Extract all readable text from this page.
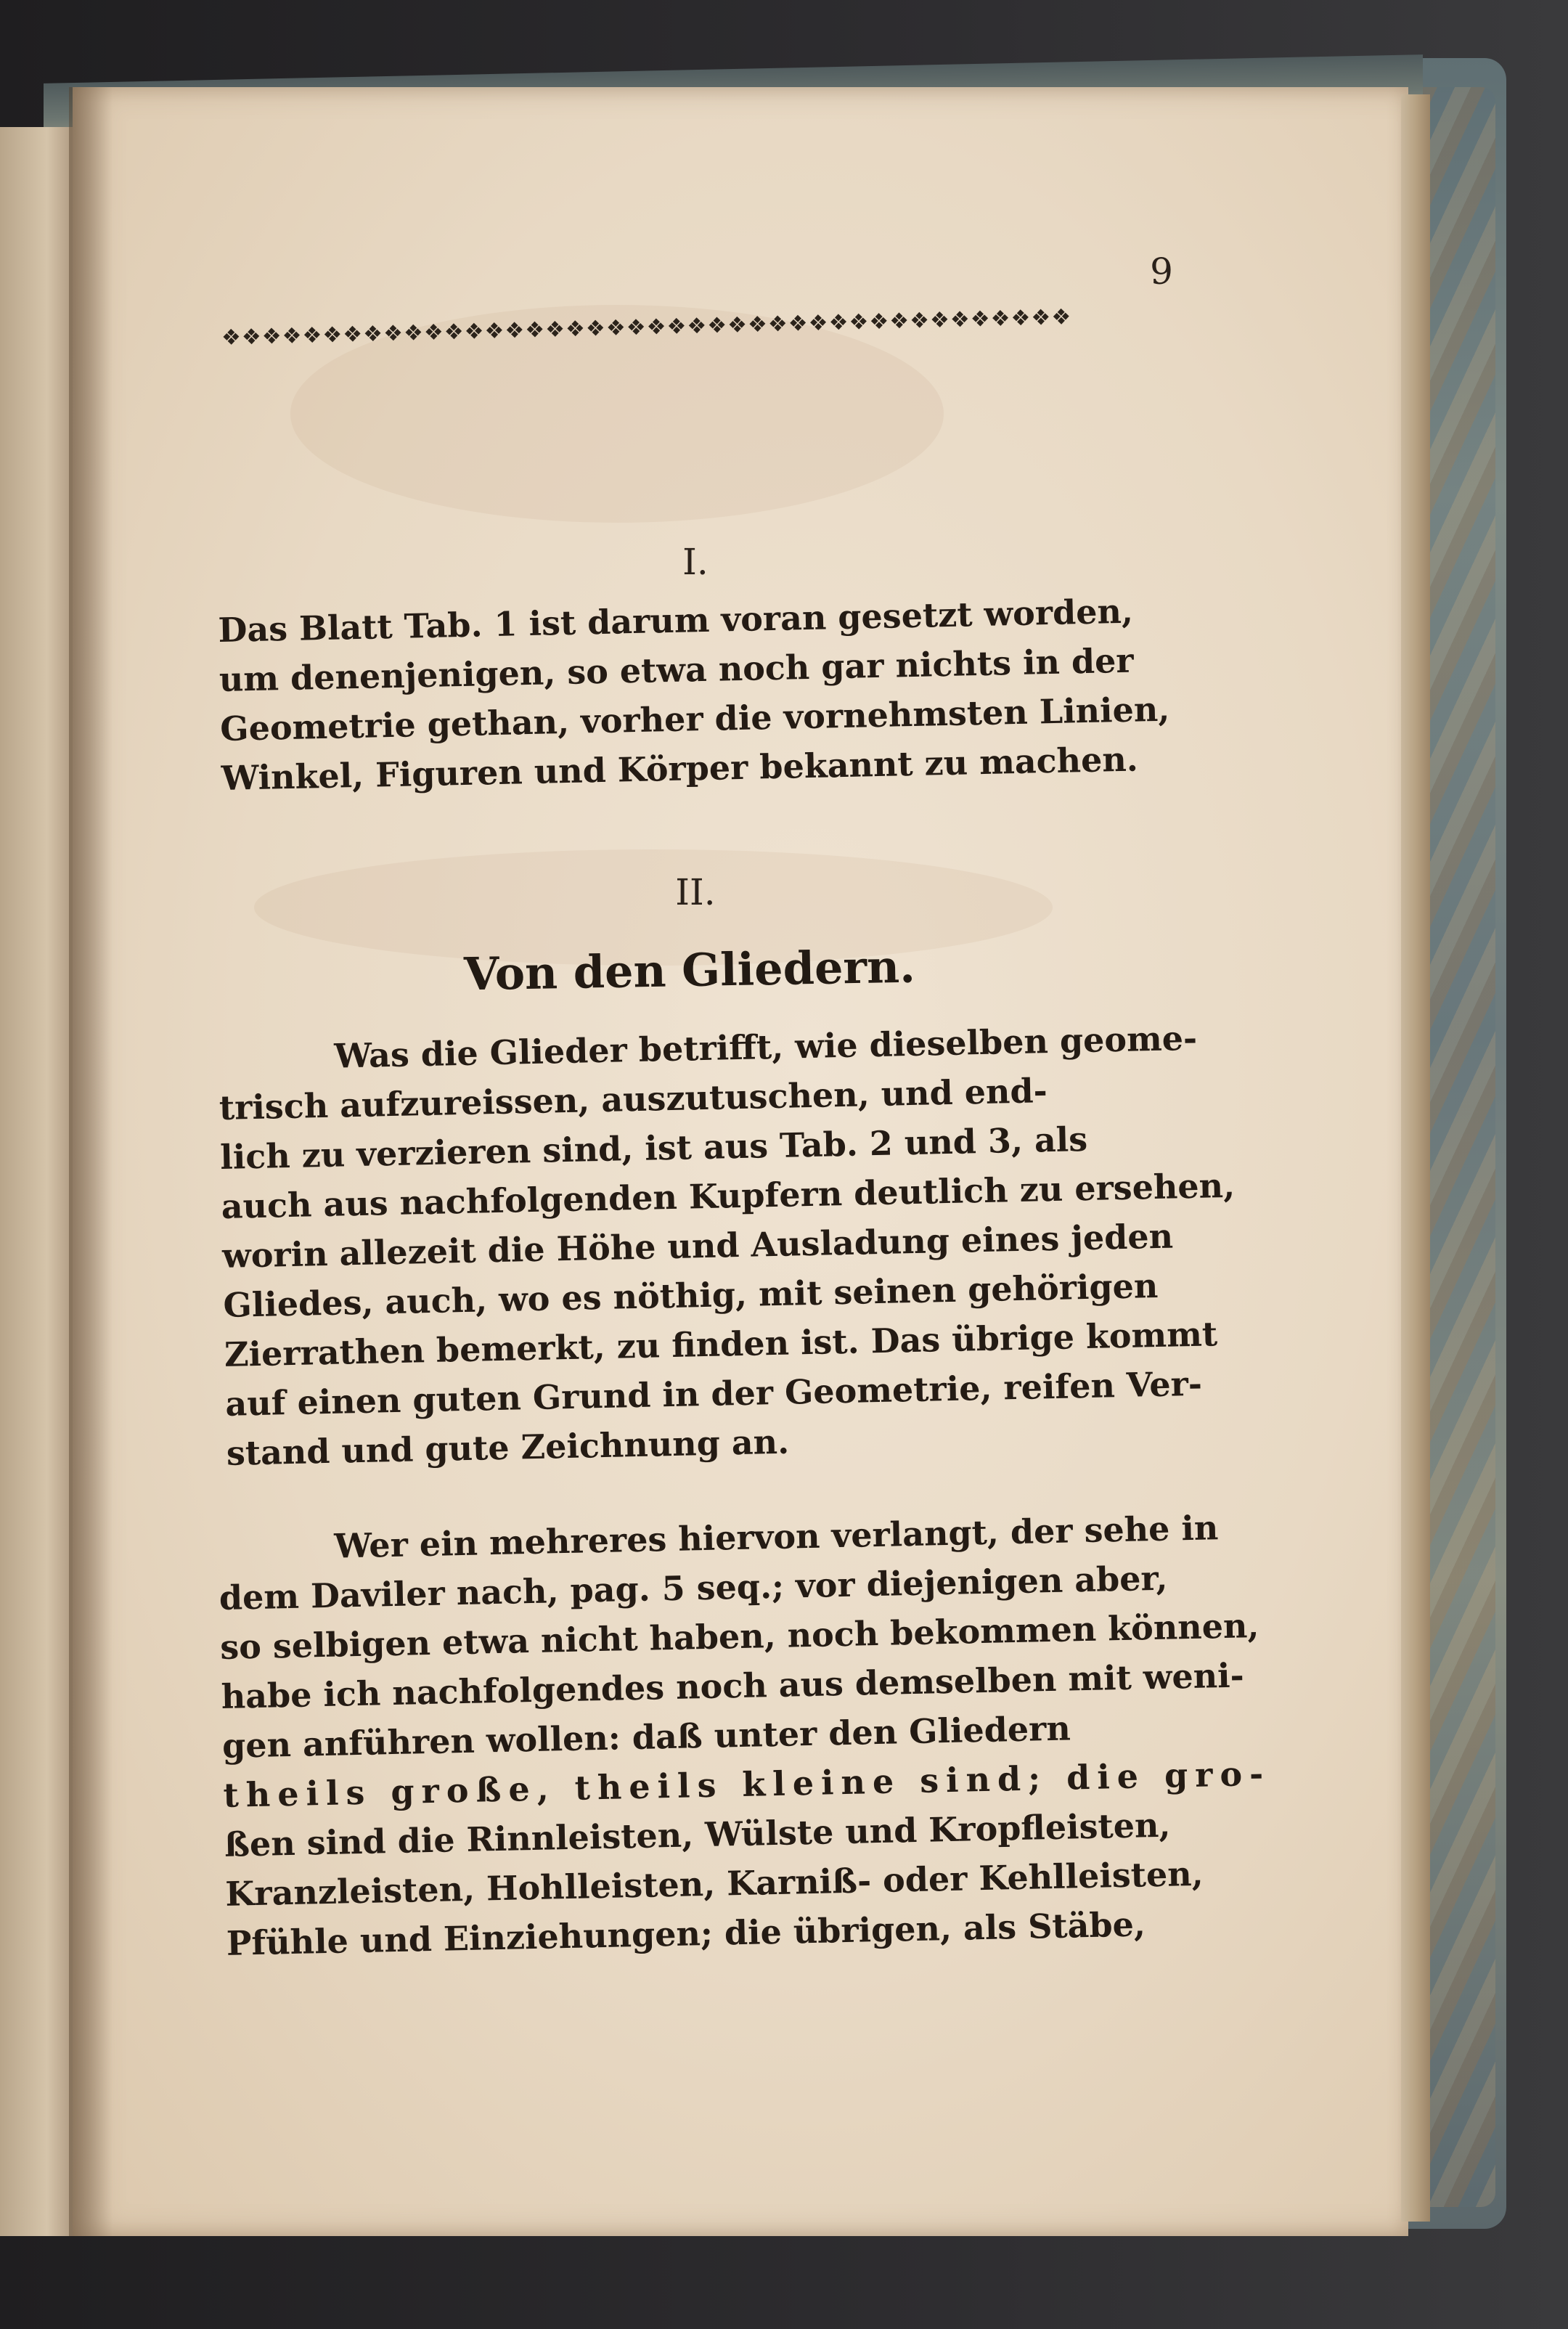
9
❖❖❖❖❖❖❖❖❖❖❖❖❖❖❖❖❖❖❖❖❖❖❖❖❖❖❖❖❖❖❖❖❖❖❖❖❖❖❖❖❖❖
I.
Das Blatt Tab. 1 ist darum voran gesetzt worden,
um denenjenigen, so etwa noch gar nichts in der
Geometrie gethan, vorher die vornehmsten Linien,
Winkel, Figuren und Körper bekannt zu machen.
II.
Von den Gliedern.
Was die Glieder betrifft, wie dieselben geome-
trisch aufzureissen, auszutuschen, und end-
lich zu verzieren sind, ist aus Tab. 2 und 3, als
auch aus nachfolgenden Kupfern deutlich zu ersehen,
worin allezeit die Höhe und Ausladung eines jeden
Gliedes, auch, wo es nöthig, mit seinen gehörigen
Zierrathen bemerkt, zu finden ist. Das übrige kommt
auf einen guten Grund in der Geometrie, reifen Ver-
stand und gute Zeichnung an.
Wer ein mehreres hiervon verlangt, der sehe in
dem Daviler nach, pag. 5 seq.; vor diejenigen aber,
so selbigen etwa nicht haben, noch bekommen können,
habe ich nachfolgendes noch aus demselben mit weni-
gen anführen wollen: daß unter den Gliedern
theils große, theils kleine sind; die gro-
ßen sind die Rinnleisten, Wülste und Kropfleisten,
Kranzleisten, Hohlleisten, Karniß- oder Kehlleisten,
Pfühle und Einziehungen; die übrigen, als Stäbe,
